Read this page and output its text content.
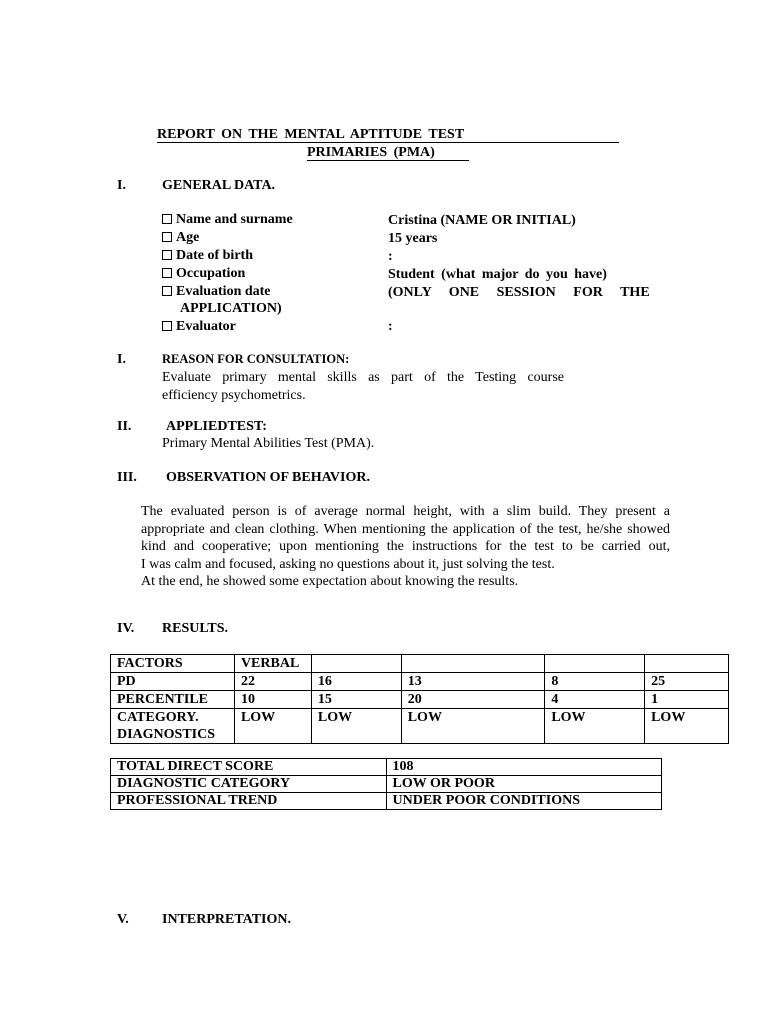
REPORT ON THE MENTAL APTITUDE TEST
PRIMARIES (PMA)
I.	GENERAL DATA.
Name and surname	Cristina (NAME OR INITIAL)
Age	15 years
Date of birth	:
Occupation	Student (what major do you have)
Evaluation date	(ONLY ONE SESSION FOR THE
APPLICATION)
Evaluator	:
I.	REASON FOR CONSULTATION:

Evaluate primary mental skills as part of the Testing course

efficiency psychometrics.

II. APPLIEDTEST:
Primary Mental Abilities Test (PMA).
III. OBSERVATION OF BEHAVIOR.

The evaluated person is of average normal height, with a slim build. They present a

appropriate and clean clothing. When mentioning the application of the test, he/she showed

kind and cooperative; upon mentioning the instructions for the test to be carried out,

I was calm and focused, asking no questions about it, just solving the test.

At the end, he showed some expectation about knowing the results.

IV. RESULTS.
FACTORS	VERBAL				
PD	22	16	13	8	25
PERCENTILE	10	15	20	4	1
CATEGORY.
DIAGNOSTICS	LOW	LOW	LOW	LOW	LOW
TOTAL DIRECT SCORE	108
DIAGNOSTIC CATEGORY	LOW OR POOR
PROFESSIONAL TREND	UNDER POOR CONDITIONS
V. INTERPRETATION.
